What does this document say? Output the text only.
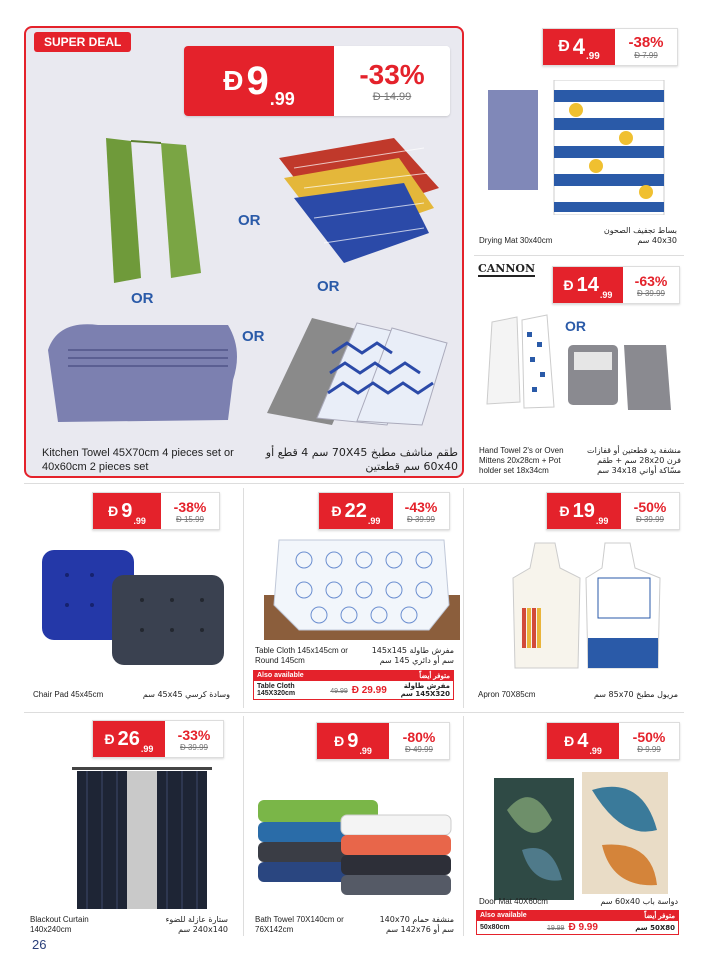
SUPER DEAL
Ð 9 .99
-33%
Ð 14.99
OR
OR
OR
OR
Kitchen Towel 45X70cm 4 pieces set or 40x60cm 2 pieces set
طقم مناشف مطبخ 70X45 سم 4 قطع أو 60x40 سم قطعتين
Ð 4 .99
-38%
Ð 7.99
Drying Mat 30x40cm
بساط تجفيف الصحون 40x30 سم
CANNON
Ð 14 .99
-63%
Ð 39.99
OR
Hand Towel 2's or Oven Mittens 20x28cm + Pot holder set 18x34cm
منشفة يد قطعتين أو قفازات فرن 28x20 سم + طقم مسّاكة أواني 34x18 سم
Ð 9 .99
-38%
Ð 15.99
Chair Pad 45x45cm	وسادة كرسي 45x45 سم
Ð 22 .99
-43%
Ð 39.99
Table Cloth 145x145cm or Round 145cm
مفرش طاولة 145x145 سم أو دائري 145 سم
Also available	متوفر أيضاً
Table Cloth 145X320cm	49.99 Ð 29.99	مفرش طاولة 145X320 سم
Ð 19 .99
-50%
Ð 39.99
Apron 70X85cm	مريول مطبخ 85x70 سم
Ð 26 .99
-33%
Ð 39.99
Blackout Curtain 140x240cm
ستارة عازلة للضوء 240x140 سم
Ð 9 .99
-80%
Ð 49.99
Bath Towel 70X140cm or 76X142cm
منشفة حمام 140x70 سم أو 142x76 سم
Ð 4 .99
-50%
Ð 9.99
Door Mat 40X60cm	دواسة باب 60x40 سم
Also available	متوفر أيضاً
50x80cm	19.99 Ð 9.99	50X80 سم
26
